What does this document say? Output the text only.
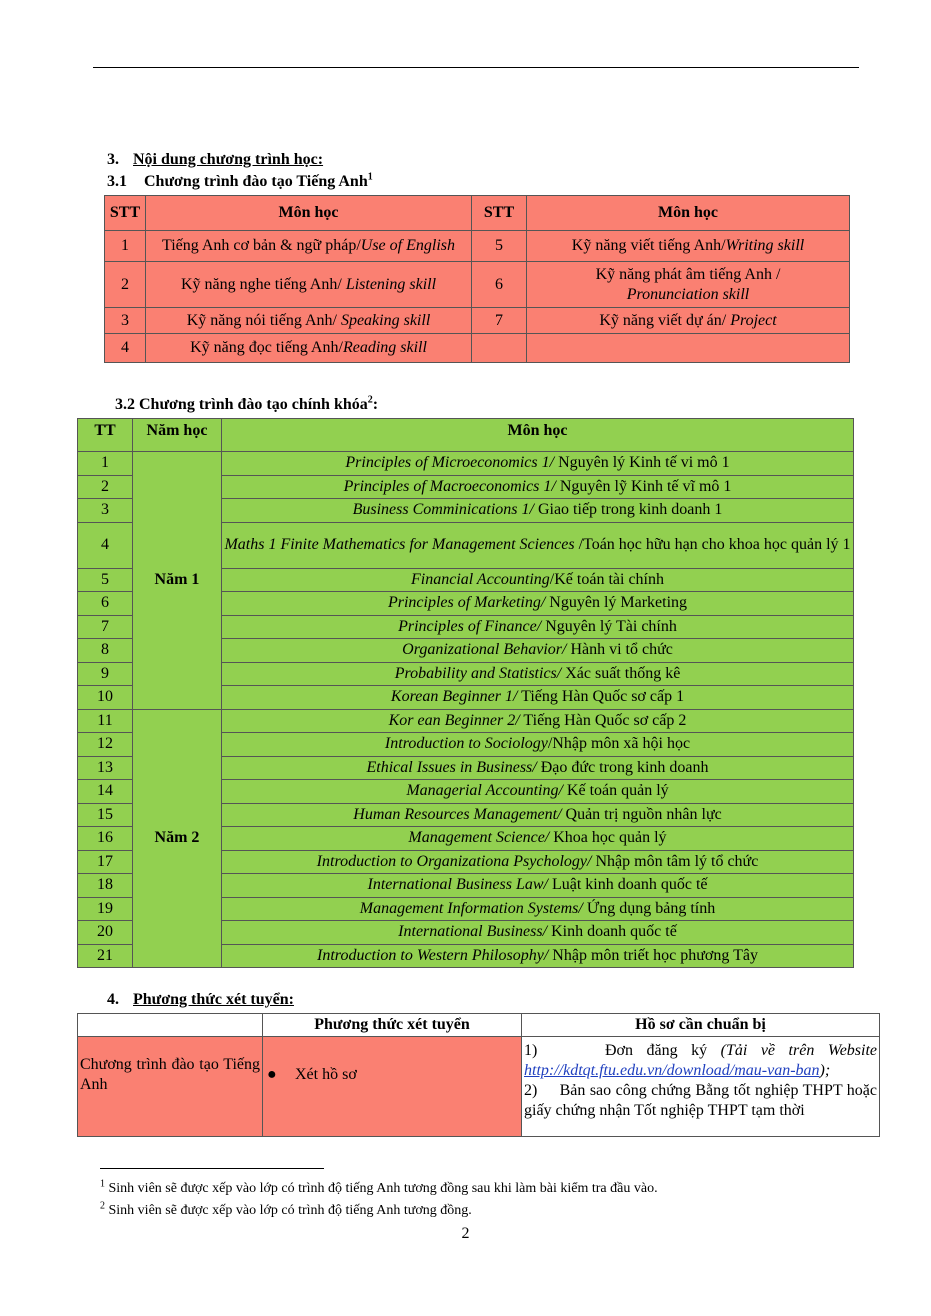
3. Nội dung chương trình học:
3.1 Chương trình đào tạo Tiếng Anh$^1$
STT	Môn học	STT	Môn học
1	Tiếng Anh cơ bản & ngữ pháp/Use of English	5	Kỹ năng viết tiếng Anh/Writing skill
2	Kỹ năng nghe tiếng Anh/ Listening skill	6	Kỹ năng phát âm tiếng Anh /
Pronunciation skill
3	Kỹ năng nói tiếng Anh/ Speaking skill	7	Kỹ năng viết dự án/ Project
4	Kỹ năng đọc tiếng Anh/Reading skill		
3.2 Chương trình đào tạo chính khóa$^2$:
TT	Năm học	Môn học
1	Năm 1	Principles of Microeconomics 1/ Nguyên lý Kinh tế vi mô 1
2		Principles of Macroeconomics 1/ Nguyên lỹ Kinh tế vĩ mô 1
3		Business Comminications 1/ Giao tiếp trong kinh doanh 1
4		Maths 1 Finite Mathematics for Management Sciences /Toán học hữu hạn cho khoa học quản lý 1
5		Financial Accounting/Kế toán tài chính
6		Principles of Marketing/ Nguyên lý Marketing
7		Principles of Finance/ Nguyên lý Tài chính
8		Organizational Behavior/ Hành vi tổ chức
9		Probability and Statistics/ Xác suất thống kê
10		Korean Beginner 1/ Tiếng Hàn Quốc sơ cấp 1
11	Năm 2	Kor ean Beginner 2/ Tiếng Hàn Quốc sơ cấp 2
12		Introduction to Sociology/Nhập môn xã hội học
13		Ethical Issues in Business/ Đạo đức trong kinh doanh
14		Managerial Accounting/ Kế toán quản lý
15		Human Resources Management/ Quản trị nguồn nhân lực
16		Management Science/ Khoa học quản lý
17		Introduction to Organizationa Psychology/ Nhập môn tâm lý tổ chức
18		International Business Law/ Luật kinh doanh quốc tế
19		Management Information Systems/ Ứng dụng bảng tính
20		International Business/ Kinh doanh quốc tế
21		Introduction to Western Philosophy/ Nhập môn triết học phương Tây
4. Phương thức xét tuyển:
	Phương thức xét tuyển	Hồ sơ cần chuẩn bị
Chương trình đào tạo Tiếng Anh	● Xét hồ sơ	1) Đơn đăng ký (Tải về trên Website http://kdtqt.ftu.edu.vn/download/mau-van-ban);
2) Bản sao công chứng Bằng tốt nghiệp THPT hoặc giấy chứng nhận Tốt nghiệp THPT tạm thời
$^1$ Sinh viên sẽ được xếp vào lớp có trình độ tiếng Anh tương đồng sau khi làm bài kiểm tra đầu vào.
$^2$ Sinh viên sẽ được xếp vào lớp có trình độ tiếng Anh tương đồng.
2
